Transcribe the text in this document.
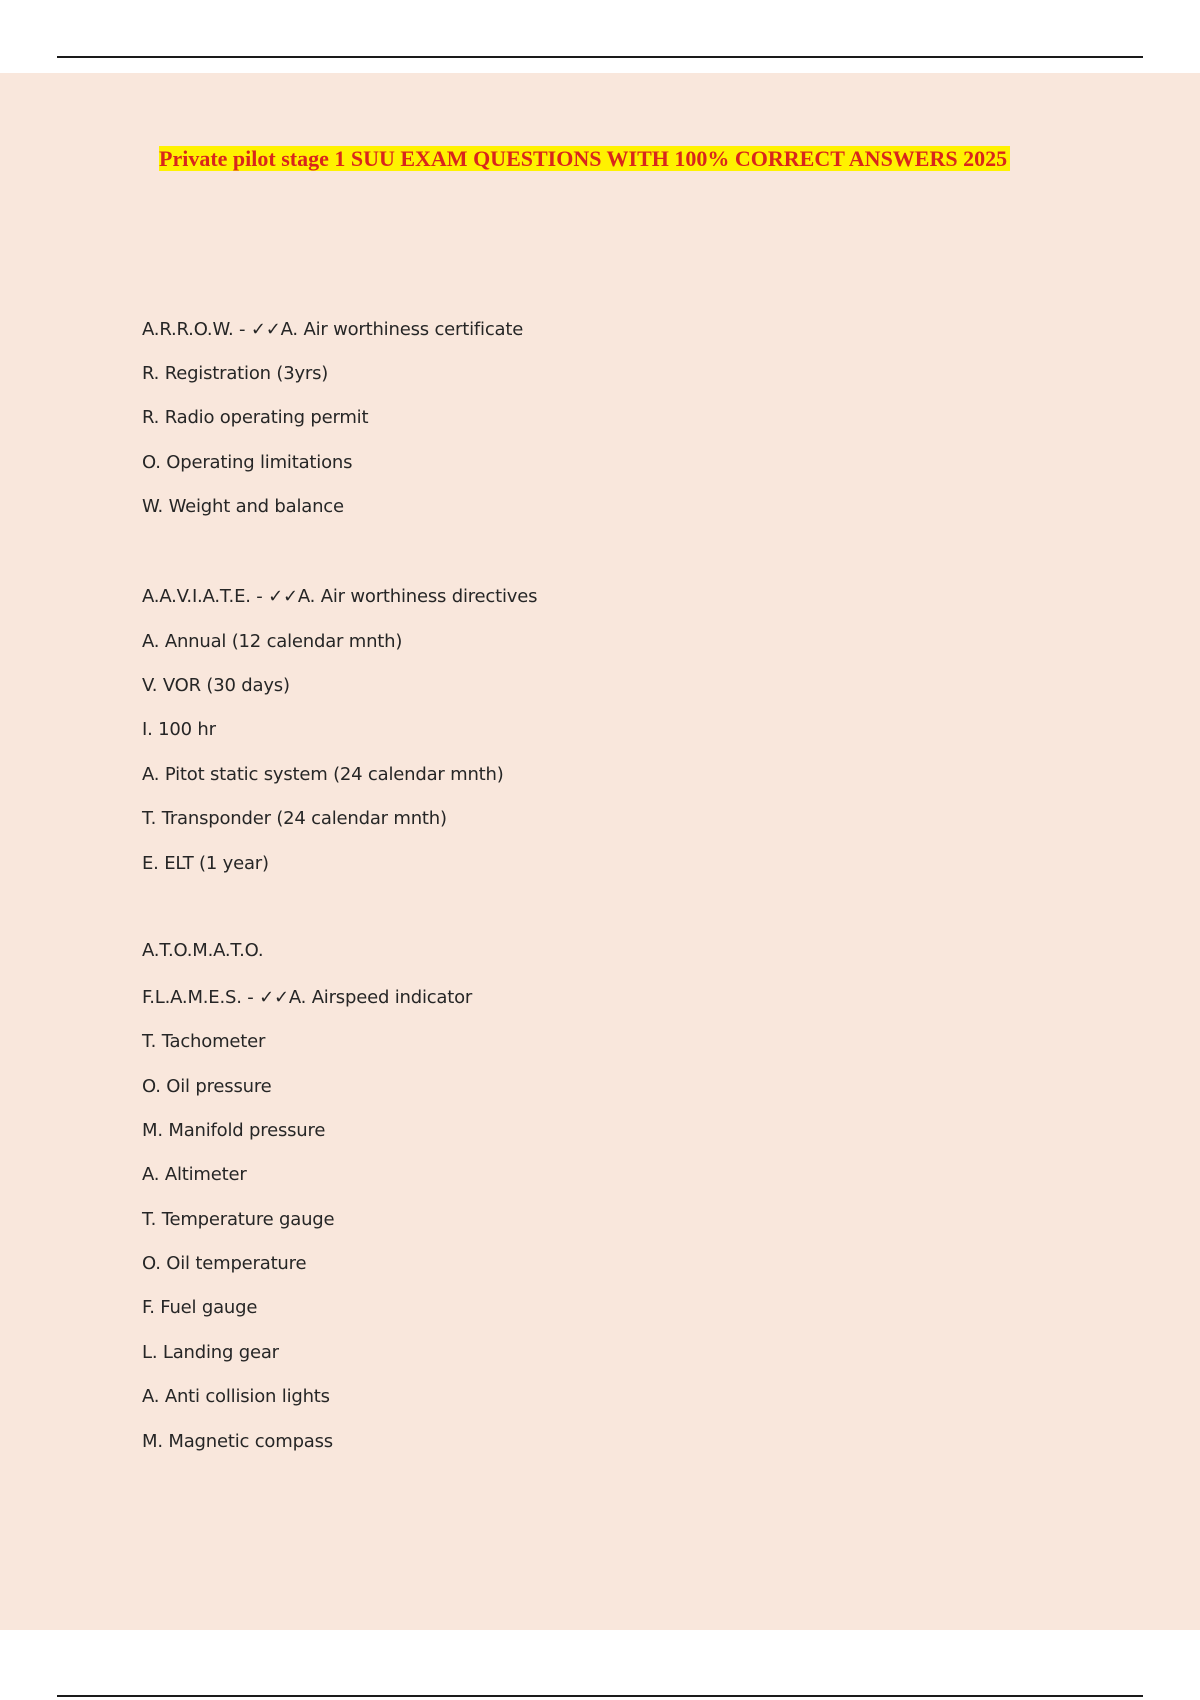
Private pilot stage 1 SUU EXAM QUESTIONS WITH 100% CORRECT ANSWERS 2025
A.R.R.O.W. - ✓✓A. Air worthiness certificate
R. Registration (3yrs)
R. Radio operating permit
O. Operating limitations
W. Weight and balance
A.A.V.I.A.T.E. - ✓✓A. Air worthiness directives
A. Annual (12 calendar mnth)
V. VOR (30 days)
I. 100 hr
A. Pitot static system (24 calendar mnth)
T. Transponder (24 calendar mnth)
E. ELT (1 year)
A.T.O.M.A.T.O.
F.L.A.M.E.S. - ✓✓A. Airspeed indicator
T. Tachometer
O. Oil pressure
M. Manifold pressure
A. Altimeter
T. Temperature gauge
O. Oil temperature
F. Fuel gauge
L. Landing gear
A. Anti collision lights
M. Magnetic compass
